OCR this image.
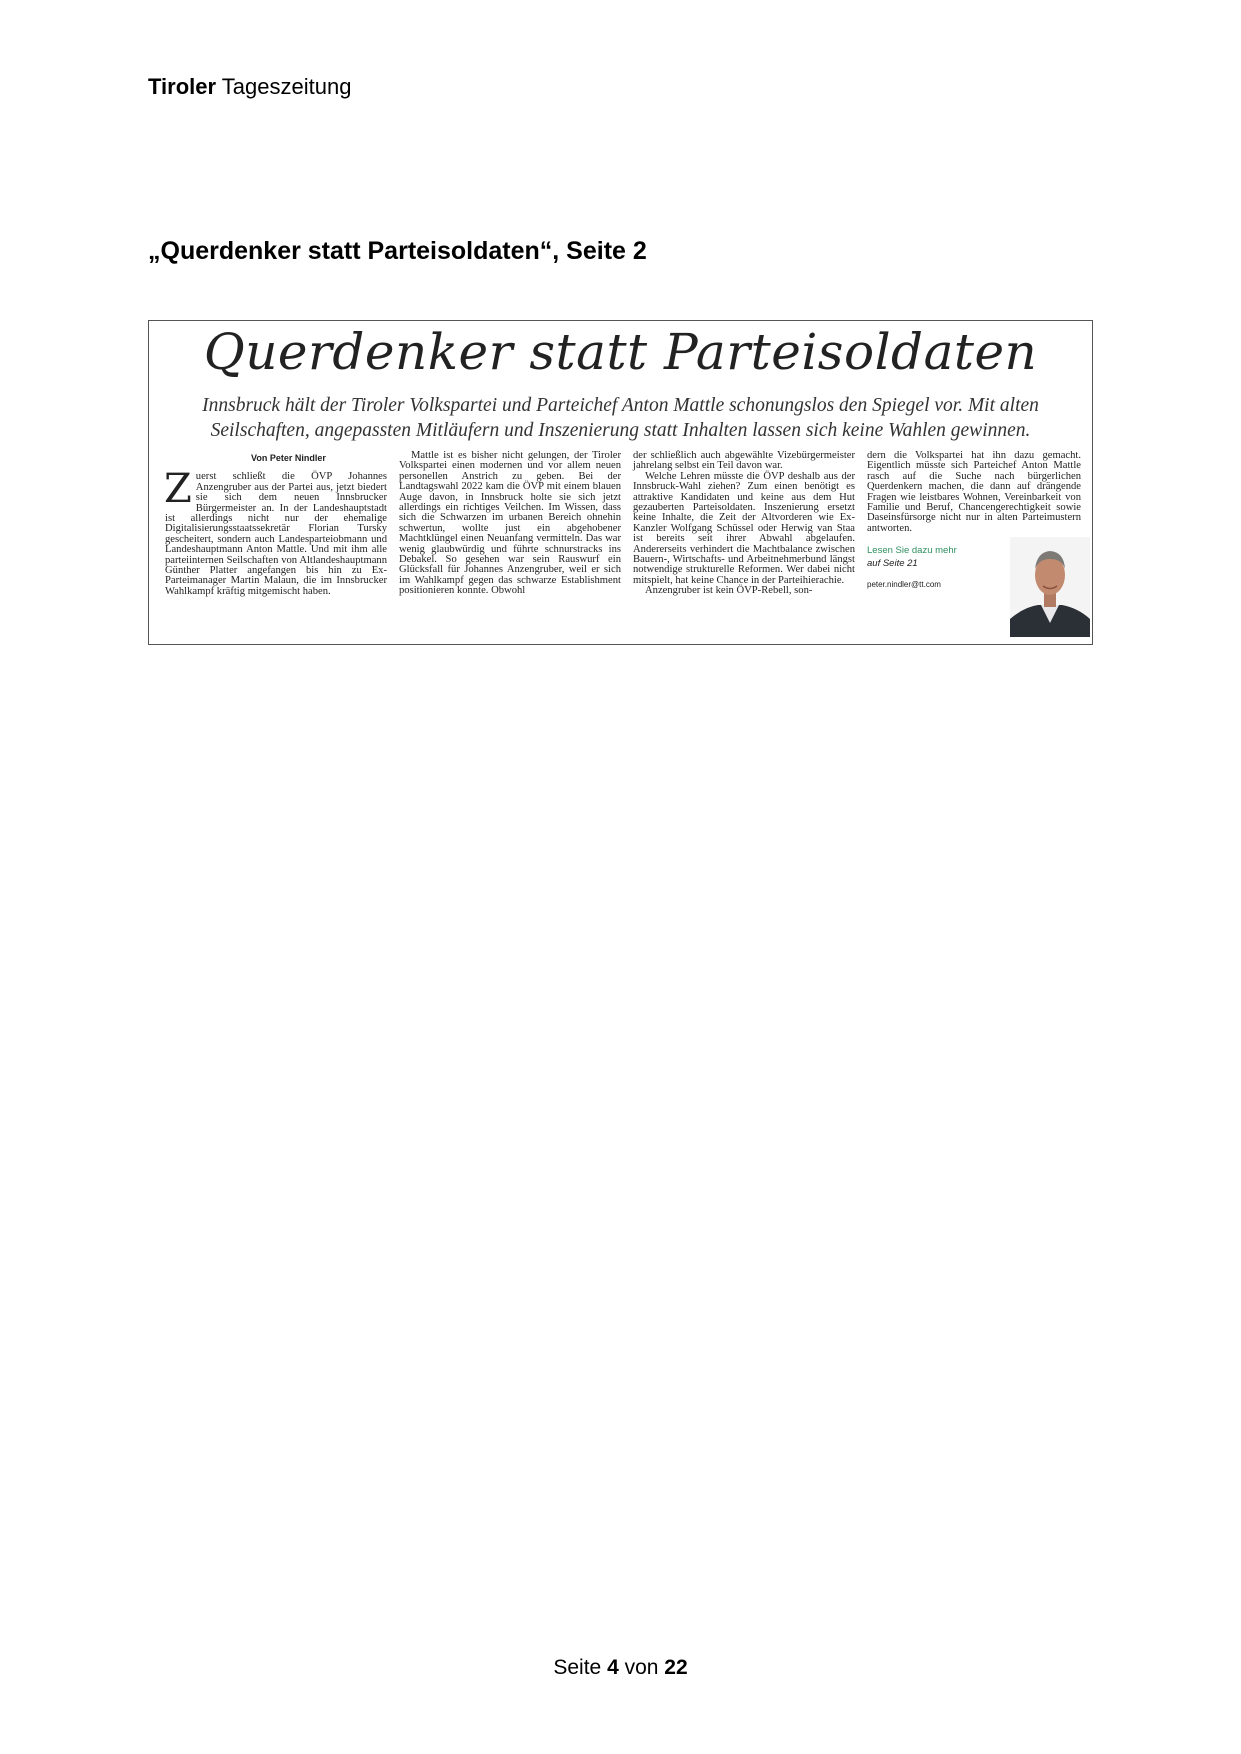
Tiroler Tageszeitung
„Querdenker statt Parteisoldaten“, Seite 2
Querdenker statt Parteisoldaten
Innsbruck hält der Tiroler Volkspartei und Parteichef Anton Mattle schonungslos den Spiegel vor. Mit alten
Seilschaften, angepassten Mitläufern und Inszenierung statt Inhalten lassen sich keine Wahlen gewinnen.
Von Peter Nindler

Zuerst schließt die ÖVP Johannes Anzengruber aus der Partei aus, jetzt biedert sie sich dem neuen Innsbrucker Bürgermeister an. In der Landeshauptstadt ist allerdings nicht nur der ehemalige Digitalisierungsstaatssekretär Florian Tursky gescheitert, sondern auch Landesparteiobmann und Landeshauptmann Anton Mattle. Und mit ihm alle parteiinternen Seilschaften von Altlandeshauptmann Günther Platter angefangen bis hin zu Ex-Parteimanager Martin Malaun, die im Innsbrucker Wahlkampf kräftig mitgemischt haben.

Mattle ist es bisher nicht gelungen, der Tiroler Volkspartei einen modernen und vor allem neuen personellen Anstrich zu geben. Bei der Landtagswahl 2022 kam die ÖVP mit einem blauen Auge davon, in Innsbruck holte sie sich jetzt allerdings ein richtiges Veilchen. Im Wissen, dass sich die Schwarzen im urbanen Bereich ohnehin schwertun, wollte just ein abgehobener Machtklüngel einen Neuanfang vermitteln. Das war wenig glaubwürdig und führte schnurstracks ins Debakel. So gesehen war sein Rauswurf ein Glücksfall für Johannes Anzengruber, weil er sich im Wahlkampf gegen das schwarze Establishment positionieren konnte. Obwohl

der schließlich auch abgewählte Vizebürgermeister jahrelang selbst ein Teil davon war.

Welche Lehren müsste die ÖVP deshalb aus der Innsbruck-Wahl ziehen? Zum einen benötigt es attraktive Kandidaten und keine aus dem Hut gezauberten Parteisoldaten. Inszenierung ersetzt keine Inhalte, die Zeit der Altvorderen wie Ex-Kanzler Wolfgang Schüssel oder Herwig van Staa ist bereits seit ihrer Abwahl abgelaufen. Andererseits verhindert die Machtbalance zwischen Bauern-, Wirtschafts- und Arbeitnehmerbund längst notwendige strukturelle Reformen. Wer dabei nicht mitspielt, hat keine Chance in der Parteihierachie.

Anzengruber ist kein ÖVP-Rebell, son-

dern die Volkspartei hat ihn dazu gemacht. Eigentlich müsste sich Parteichef Anton Mattle rasch auf die Suche nach bürgerlichen Querdenkern machen, die dann auf drängende Fragen wie leistbares Wohnen, Vereinbarkeit von Familie und Beruf, Chancengerechtigkeit sowie Daseinsfürsorge nicht nur in alten Parteimustern antworten.

Lesen Sie dazu mehr
auf Seite 21
peter.nindler@tt.com
Seite 4 von 22
